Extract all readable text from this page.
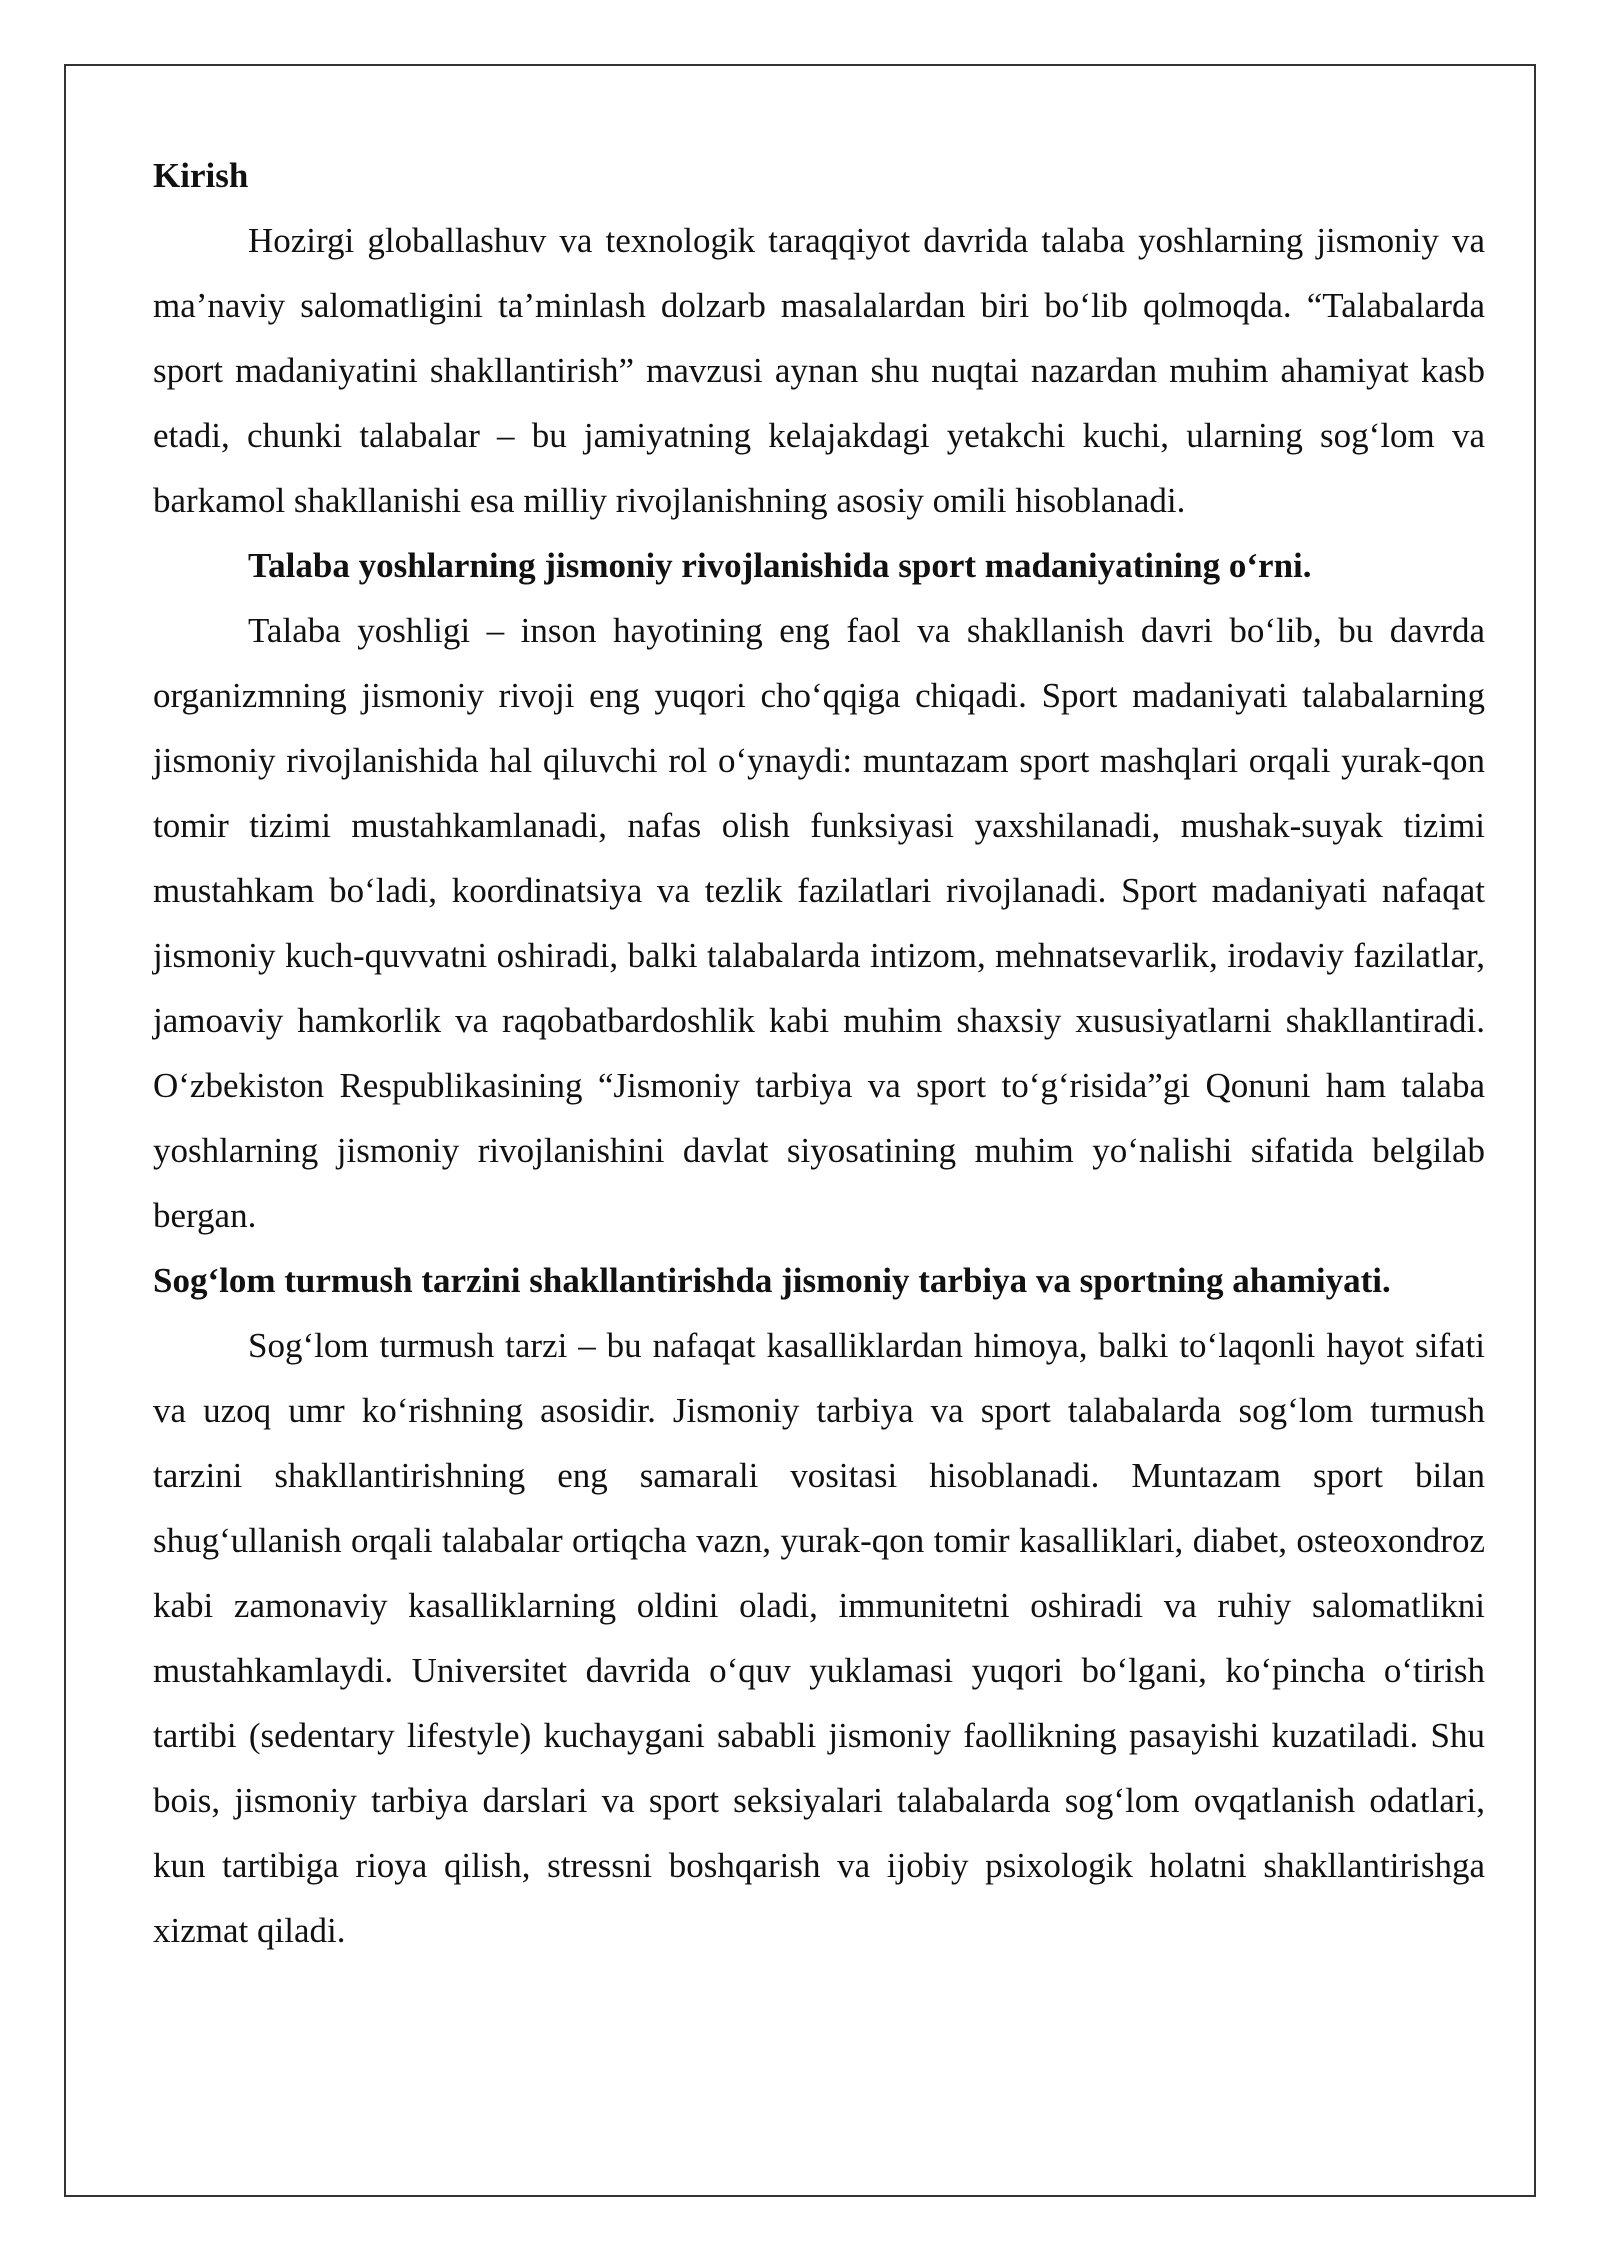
Kirish

Hozirgi globallashuv va texnologik taraqqiyot davrida talaba yoshlarning jismoniy va ma’naviy salomatligini ta’minlash dolzarb masalalardan biri bo‘lib qolmoqda. “Talabalarda sport madaniyatini shakllantirish” mavzusi aynan shu nuqtai nazardan muhim ahamiyat kasb etadi, chunki talabalar – bu jamiyatning kelajakdagi yetakchi kuchi, ularning sog‘lom va barkamol shakllanishi esa milliy rivojlanishning asosiy omili hisoblanadi.

Talaba yoshlarning jismoniy rivojlanishida sport madaniyatining o‘rni.

Talaba yoshligi – inson hayotining eng faol va shakllanish davri bo‘lib, bu davrda organizmning jismoniy rivoji eng yuqori cho‘qqiga chiqadi. Sport madaniyati talabalarning jismoniy rivojlanishida hal qiluvchi rol o‘ynaydi: muntazam sport mashqlari orqali yurak-qon tomir tizimi mustahkamlanadi, nafas olish funksiyasi yaxshilanadi, mushak-suyak tizimi mustahkam bo‘ladi, koordinatsiya va tezlik fazilatlari rivojlanadi. Sport madaniyati nafaqat jismoniy kuch-quvvatni oshiradi, balki talabalarda intizom, mehnatsevarlik, irodaviy fazilatlar, jamoaviy hamkorlik va raqobatbardoshlik kabi muhim shaxsiy xususiyatlarni shakllantiradi. O‘zbekiston Respublikasining “Jismoniy tarbiya va sport to‘g‘risida”gi Qonuni ham talaba yoshlarning jismoniy rivojlanishini davlat siyosatining muhim yo‘nalishi sifatida belgilab bergan.

Sog‘lom turmush tarzini shakllantirishda jismoniy tarbiya va sportning ahamiyati.

Sog‘lom turmush tarzi – bu nafaqat kasalliklardan himoya, balki to‘laqonli hayot sifati va uzoq umr ko‘rishning asosidir. Jismoniy tarbiya va sport talabalarda sog‘lom turmush tarzini shakllantirishning eng samarali vositasi hisoblanadi. Muntazam sport bilan shug‘ullanish orqali talabalar ortiqcha vazn, yurak-qon tomir kasalliklari, diabet, osteoxondroz kabi zamonaviy kasalliklarning oldini oladi, immunitetni oshiradi va ruhiy salomatlikni mustahkamlaydi. Universitet davrida o‘quv yuklamasi yuqori bo‘lgani, ko‘pincha o‘tirish tartibi (sedentary lifestyle) kuchaygani sababli jismoniy faollikning pasayishi kuzatiladi. Shu bois, jismoniy tarbiya darslari va sport seksiyalari talabalarda sog‘lom ovqatlanish odatlari, kun tartibiga rioya qilish, stressni boshqarish va ijobiy psixologik holatni shakllantirishga xizmat qiladi.
